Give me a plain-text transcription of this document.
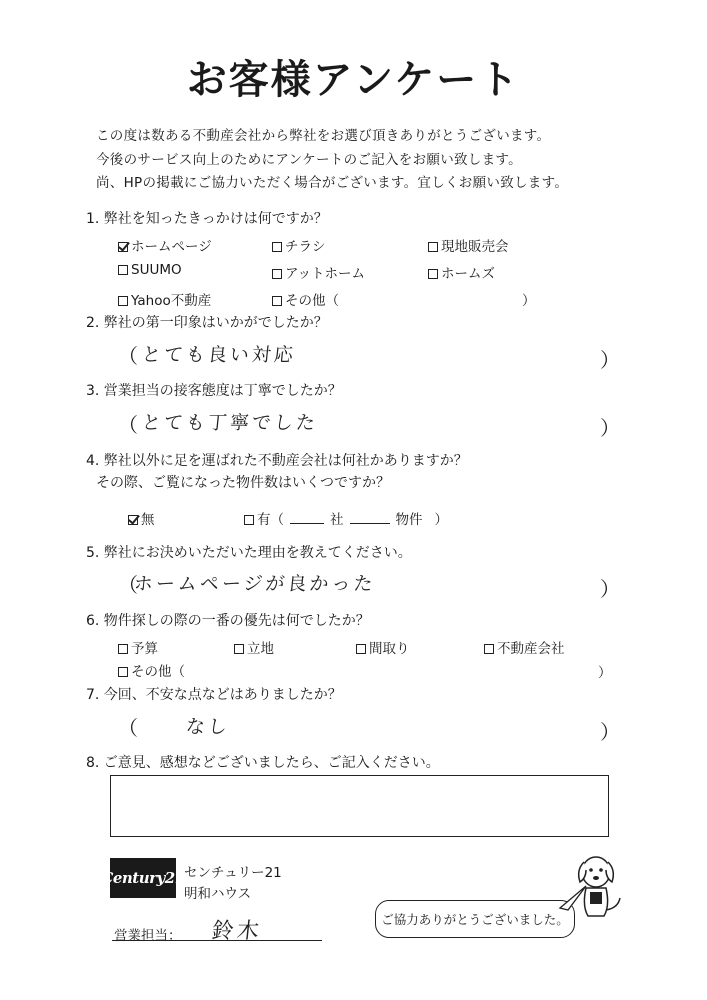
お客様アンケート
この度は数ある不動産会社から弊社をお選び頂きありがとうございます。
今後のサービス向上のためにアンケートのご記入をお願い致します。
尚、HPの掲載にご協力いただく場合がございます。宜しくお願い致します。
1. 弊社を知ったきっかけは何ですか？
ホームページ	チラシ	現地販売会
SUUMO	アットホーム	ホームズ
Yahoo不動産	その他（	）
2. 弊社の第一印象はいかがでしたか？
（ とても良い対応	）
3. 営業担当の接客態度は丁寧でしたか？
（ とても丁寧でした	）
4. 弊社以外に足を運ばれた不動産会社は何社かありますか？
その際、ご覧になった物件数はいくつですか？
無	有（	社	物件 ）
5. 弊社にお決めいただいた理由を教えてください。
（
ホームページが良かった	）
6. 物件探しの際の一番の優先は何でしたか？
予算	立地	間取り	不動産会社
その他（	）
7. 今回、不安な点などはありましたか？
（ なし	）
8. ご意見、感想などございましたら、ご記入ください。
Century21 センチュリー21
明和ハウス
営業担当： 鈴木	ご協力ありがとうございました。
